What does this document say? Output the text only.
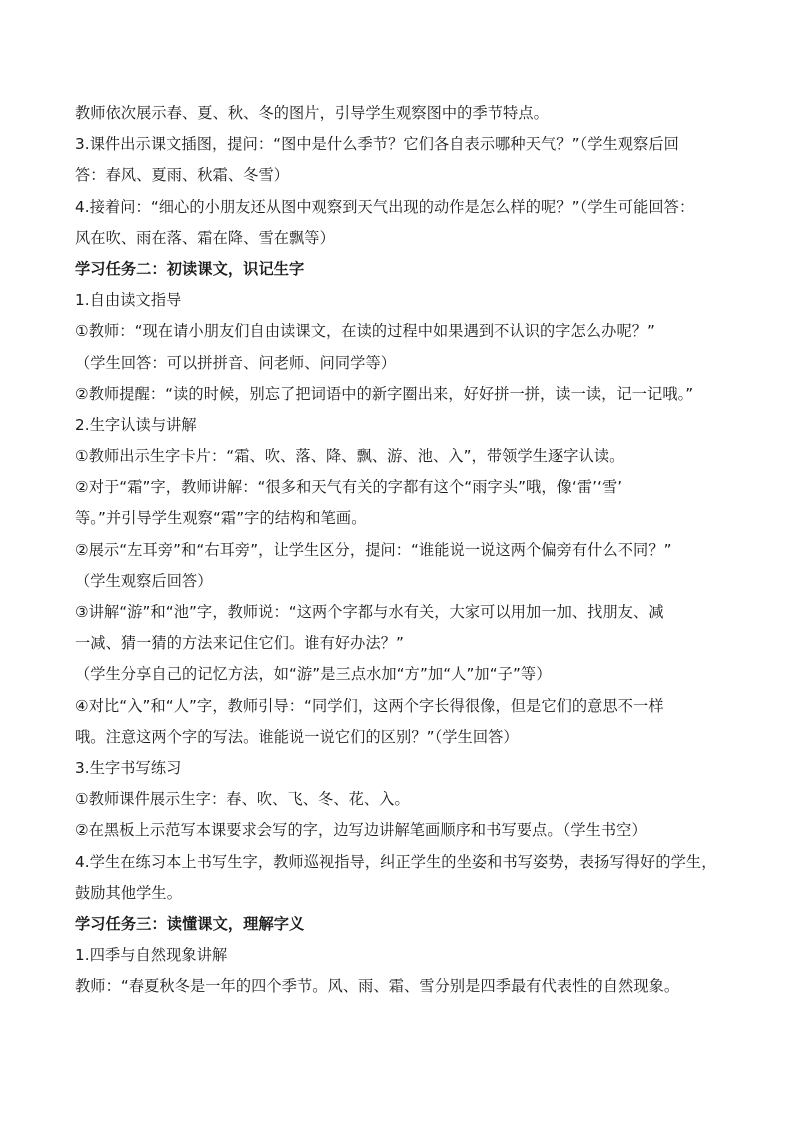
教师依次展示春、夏、秋、冬的图片，引导学生观察图中的季节特点。
3.课件出示课文插图，提问：“图中是什么季节？它们各自表示哪种天气？”（学生观察后回
答：春风、夏雨、秋霜、冬雪）
4.接着问：“细心的小朋友还从图中观察到天气出现的动作是怎么样的呢？”（学生可能回答：
风在吹、雨在落、霜在降、雪在飘等）
学习任务二：初读课文，识记生字
1.自由读文指导
①教师：“现在请小朋友们自由读课文，在读的过程中如果遇到不认识的字怎么办呢？”
（学生回答：可以拼拼音、问老师、问同学等）
②教师提醒：“读的时候，别忘了把词语中的新字圈出来，好好拼一拼，读一读，记一记哦。”
2.生字认读与讲解
①教师出示生字卡片：“霜、吹、落、降、飘、游、池、入”，带领学生逐字认读。
②对于“霜”字，教师讲解：“很多和天气有关的字都有这个“雨字头”哦，像‘雷’‘雪’
等。”并引导学生观察“霜”字的结构和笔画。
②展示“左耳旁”和“右耳旁”，让学生区分，提问：“谁能说一说这两个偏旁有什么不同？”
（学生观察后回答）
③讲解“游”和“池”字，教师说：“这两个字都与水有关，大家可以用加一加、找朋友、减
一减、猜一猜的方法来记住它们。谁有好办法？”
（学生分享自己的记忆方法，如“游”是三点水加“方”加“人”加“子”等）
④对比“入”和“人”字，教师引导：“同学们，这两个字长得很像，但是它们的意思不一样
哦。注意这两个字的写法。谁能说一说它们的区别？”（学生回答）
3.生字书写练习
①教师课件展示生字：春、吹、飞、冬、花、入。
②在黑板上示范写本课要求会写的字，边写边讲解笔画顺序和书写要点。（学生书空）
4.学生在练习本上书写生字，教师巡视指导，纠正学生的坐姿和书写姿势，表扬写得好的学生，
鼓励其他学生。
学习任务三：读懂课文，理解字义
1.四季与自然现象讲解
教师：“春夏秋冬是一年的四个季节。风、雨、霜、雪分别是四季最有代表性的自然现象。
